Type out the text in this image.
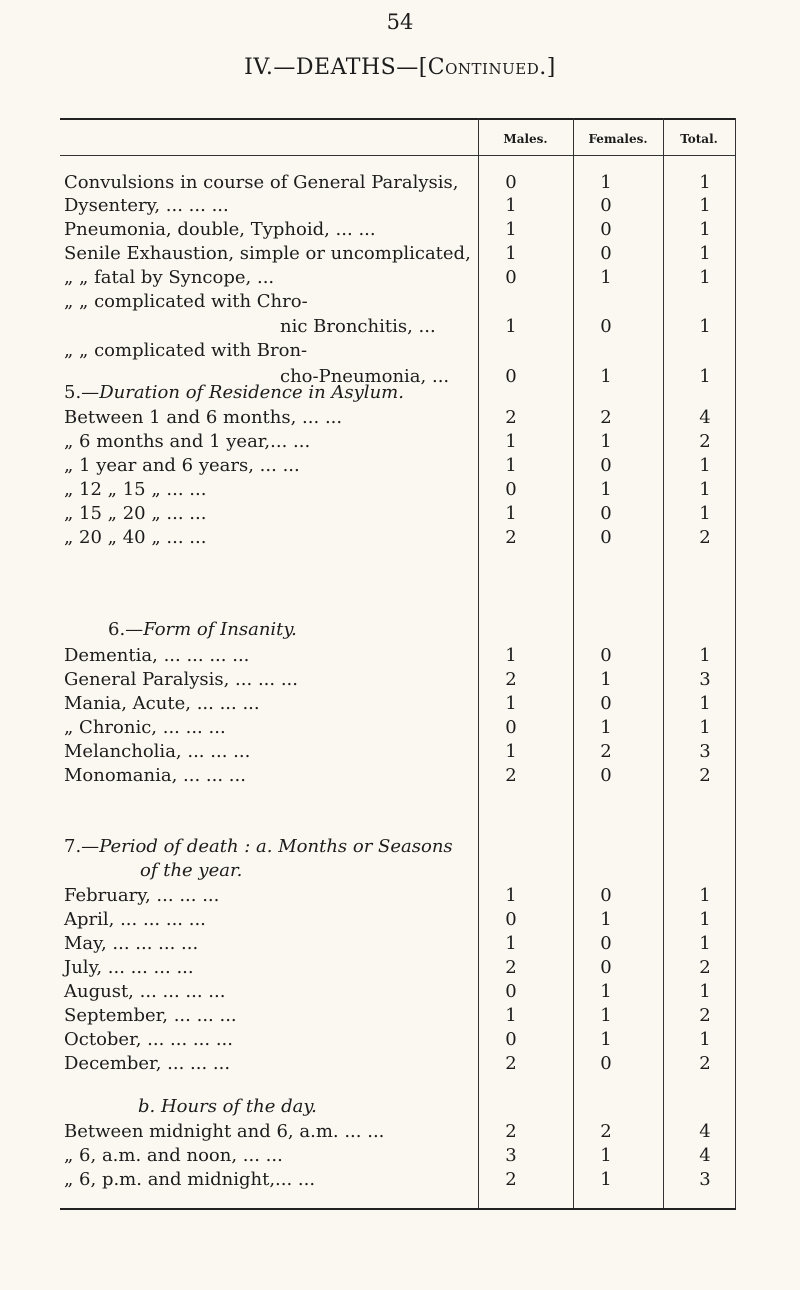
54
IV.—DEATHS—[Continued.]
Males.	Females.	Total.
Convulsions in course of General Paralysis,	0	1	1
Dysentery, ... ... ...	1	0	1
Pneumonia, double, Typhoid, ... ...	1	0	1
Senile Exhaustion, simple or uncomplicated,	1	0	1
„ „ fatal by Syncope, ...	0	1	1
„ „ complicated with Chro-
nic Bronchitis, ...	1	0	1
„ „ complicated with Bron-
cho-Pneumonia, ...	0	1	1
5.—Duration of Residence in Asylum.
Between 1 and 6 months, ... ...	2	2	4
„ 6 months and 1 year,... ...	1	1	2
„ 1 year and 6 years, ... ...	1	0	1
„ 12 „ 15 „ ... ...	0	1	1
„ 15 „ 20 „ ... ...	1	0	1
„ 20 „ 40 „ ... ...	2	0	2
6.—Form of Insanity.
Dementia, ... ... ... ...	1	0	1
General Paralysis, ... ... ...	2	1	3
Mania, Acute, ... ... ...	1	0	1
„ Chronic, ... ... ...	0	1	1
Melancholia, ... ... ...	1	2	3
Monomania, ... ... ...	2	0	2
7.—Period of death : a. Months or Seasons
of the year.
February, ... ... ...	1	0	1
April, ... ... ... ...	0	1	1
May, ... ... ... ...	1	0	1
July, ... ... ... ...	2	0	2
August, ... ... ... ...	0	1	1
September, ... ... ...	1	1	2
October, ... ... ... ...	0	1	1
December, ... ... ...	2	0	2
b. Hours of the day.
Between midnight and 6, a.m. ... ...	2	2	4
„ 6, a.m. and noon, ... ...	3	1	4
„ 6, p.m. and midnight,... ...	2	1	3
